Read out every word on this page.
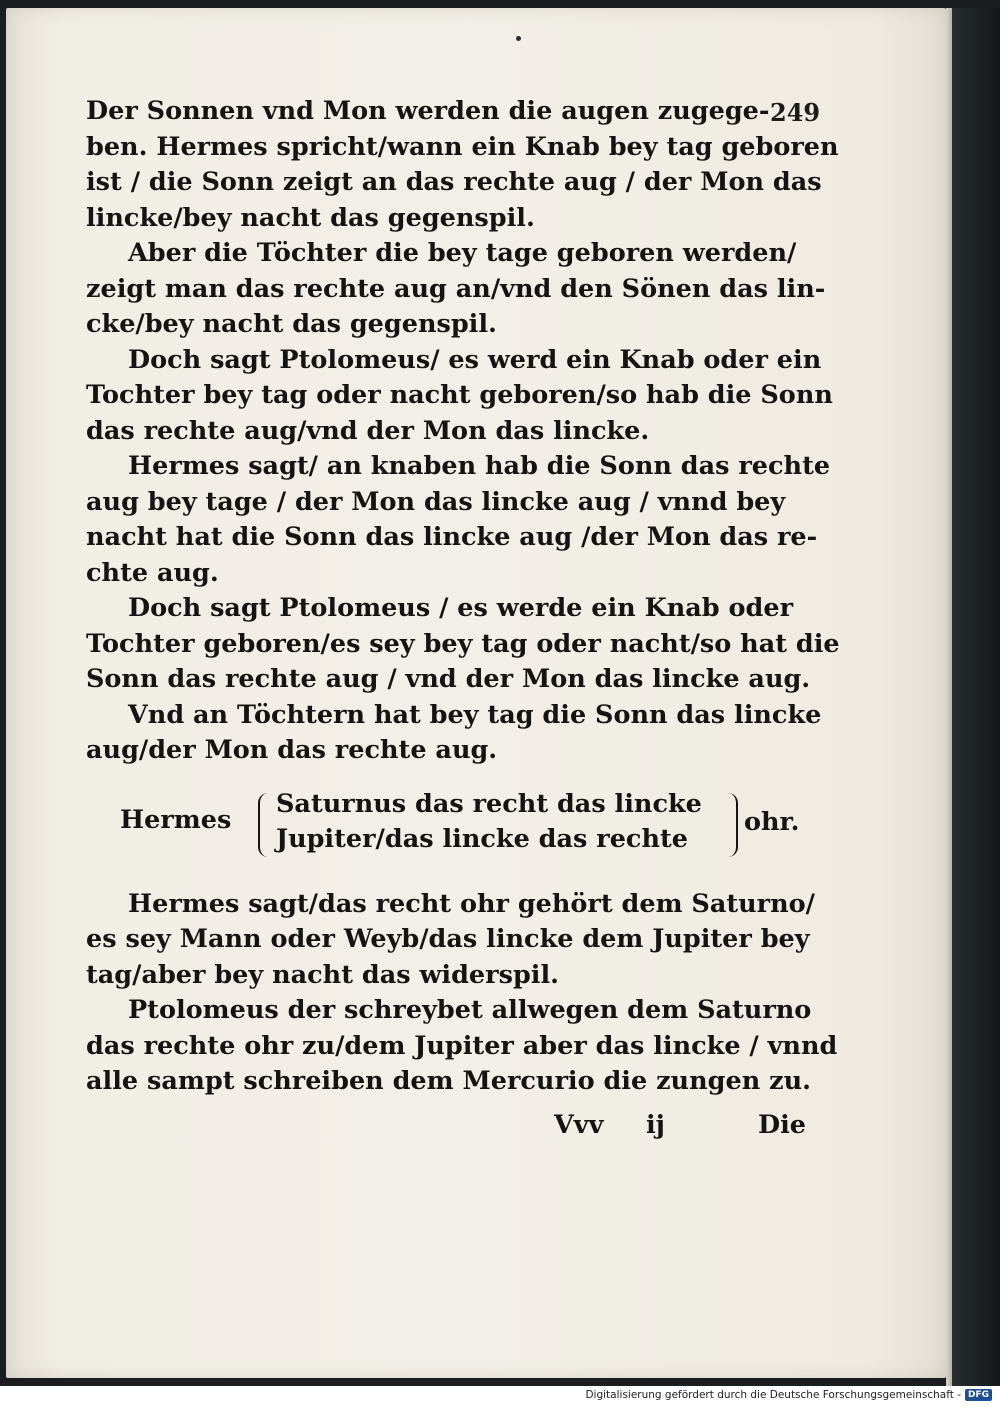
249
Der Sonnen vnd Mon werden die augen zugege-
ben. Hermes spricht/wann ein Knab bey tag geboren
ist / die Sonn zeigt an das rechte aug / der Mon das
lincke/bey nacht das gegenspil.
Aber die Töchter die bey tage geboren werden/
zeigt man das rechte aug an/vnd den Sönen das lin-
cke/bey nacht das gegenspil.
Doch sagt Ptolomeus/ es werd ein Knab oder ein
Tochter bey tag oder nacht geboren/so hab die Sonn
das rechte aug/vnd der Mon das lincke.
Hermes sagt/ an knaben hab die Sonn das rechte
aug bey tage / der Mon das lincke aug / vnnd bey
nacht hat die Sonn das lincke aug /der Mon das re-
chte aug.
Doch sagt Ptolomeus / es werde ein Knab oder
Tochter geboren/es sey bey tag oder nacht/so hat die
Sonn das rechte aug / vnd der Mon das lincke aug.
Vnd an Töchtern hat bey tag die Sonn das lincke
aug/der Mon das rechte aug.
Hermes
Saturnus das recht das lincke
Jupiter/das lincke das rechte
ohr.
Hermes sagt/das recht ohr gehört dem Saturno/
es sey Mann oder Weyb/das lincke dem Jupiter bey
tag/aber bey nacht das widerspil.
Ptolomeus der schreybet allwegen dem Saturno
das rechte ohr zu/dem Jupiter aber das lincke / vnnd
alle sampt schreiben dem Mercurio die zungen zu.
Vvv ij	Die
Digitalisierung gefördert durch die Deutsche Forschungsgemeinschaft - DFG
